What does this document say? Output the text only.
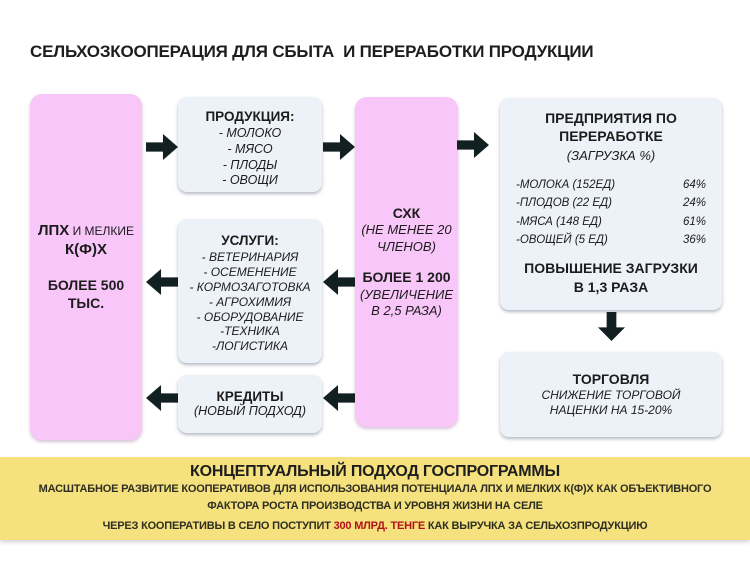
СЕЛЬХОЗКООПЕРАЦИЯ ДЛЯ СБЫТА  И ПЕРЕРАБОТКИ ПРОДУКЦИИ
ЛПХ И МЕЛКИЕ
К(Ф)Х
БОЛЕЕ 500 ТЫС.
ПРОДУКЦИЯ:
- МОЛОКО
- МЯСО
- ПЛОДЫ
- ОВОЩИ
УСЛУГИ:
- ВЕТЕРИНАРИЯ
- ОСЕМЕНЕНИЕ
- КОРМОЗАГОТОВКА
- АГРОХИМИЯ
- ОБОРУДОВАНИЕ
-ТЕХНИКА
-ЛОГИСТИКА
КРЕДИТЫ
(НОВЫЙ ПОДХОД)
СХК
(НЕ МЕНЕЕ 20 ЧЛЕНОВ)
БОЛЕЕ 1 200
(УВЕЛИЧЕНИЕ В 2,5 РАЗА)
ПРЕДПРИЯТИЯ ПО ПЕРЕРАБОТКЕ
(ЗАГРУЗКА %)
-МОЛОКА (152ЕД)	64%
-ПЛОДОВ (22 ЕД)	24%
-МЯСА (148 ЕД)	61%
-ОВОЩЕЙ (5 ЕД)	36%
ПОВЫШЕНИЕ ЗАГРУЗКИ В 1,3 РАЗА
ТОРГОВЛЯ
СНИЖЕНИЕ ТОРГОВОЙ НАЦЕНКИ НА 15-20%
КОНЦЕПТУАЛЬНЫЙ ПОДХОД ГОСПРОГРАММЫ
МАСШТАБНОЕ РАЗВИТИЕ КООПЕРАТИВОВ ДЛЯ ИСПОЛЬЗОВАНИЯ ПОТЕНЦИАЛА ЛПХ И МЕЛКИХ К(Ф)Х КАК ОБЪЕКТИВНОГО
ФАКТОРА РОСТА ПРОИЗВОДСТВА И УРОВНЯ ЖИЗНИ НА СЕЛЕ
ЧЕРЕЗ КООПЕРАТИВЫ В СЕЛО ПОСТУПИТ 300 МЛРД. ТЕНГЕ КАК ВЫРУЧКА ЗА СЕЛЬХОЗПРОДУКЦИЮ
